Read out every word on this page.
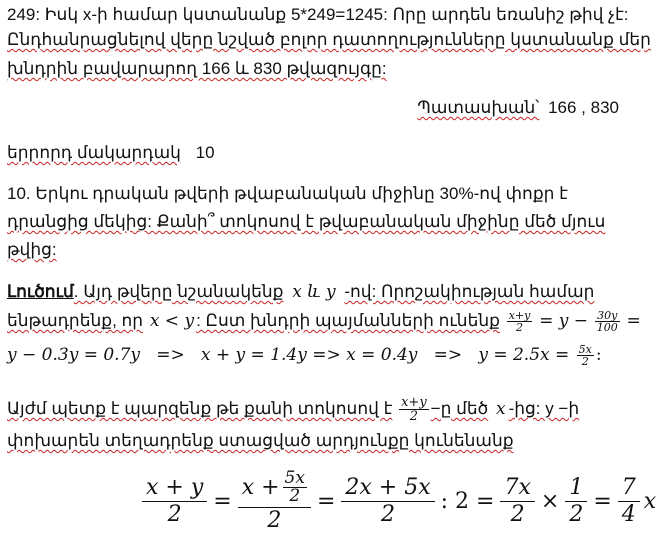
249: Իսկ x-ի համար կստանանք 5*249=1245: Որը արդեն եռանիշ թիվ չէ:
Ընդհանրացնելով վերը նշված բոլոր դատողությունները կստանանք մեր
խնդրին բավարարող 166 և 830 թվազույգը:
Պատասխան՝ 166 , 830
երրորդ մակարդակ 10
10. Երկու դրական թվերի թվաբանական միջինը 30%-ով փոքր է
դրանցից մեկից: Քանի՞ տոկոսով է թվաբանական միջինը մեծ մյուս
թվից:
Լուծում. Այդ թվերը նշանակենք x և y -ով: Որոշակիության համար
ենթադրենք, որ x < y : Ըստ խնդրի պայմանների ունենք $\frac{x+y}{2} = y - \frac{30y}{100}$ =
$y - 0.3y = 0.7y => x + y = 1.4y => x = 0.4y => y = 2.5x = \frac{5x}{2}$ :
Այժմ պետք է պարզենք թե քանի տոկոսով է $\frac{x+y}{2}$ −ը մեծ x -ից: y −ի
փոխարեն տեղադրենք ստացված արդյունքը կունենանք
$\frac{x + y}{2} = \frac{x + \frac{5x}{2}}{2} = \frac{2x + 5x}{2}$ : $2 = \frac{7x}{2} \times \frac{1}{2} = \frac{7}{4}$ x
